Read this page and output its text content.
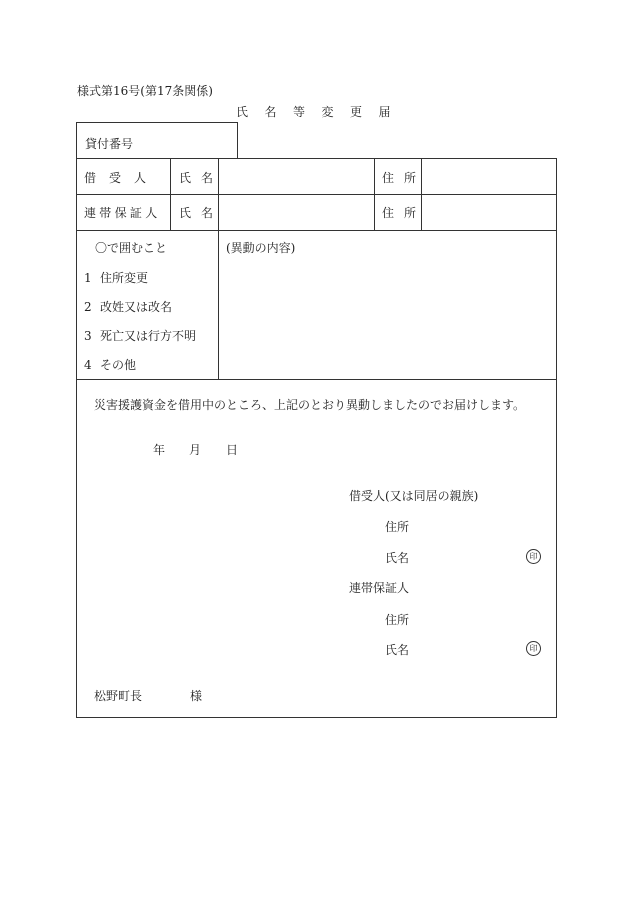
様式第16号(第17条関係)
氏名等変更届
貸付番号
借受人 氏名	住所
連帯保証人 氏名	住所
〇で囲むこと
1 住所変更
2 改姓又は改名
3 死亡又は行方不明
4 その他
(異動の内容)
災害援護資金を借用中のところ、上記のとおり異動しましたのでお届けします。
年 月 日
借受人(又は同居の親族)
住所
氏名	印
連帯保証人
住所
氏名	印
松野町長	様
